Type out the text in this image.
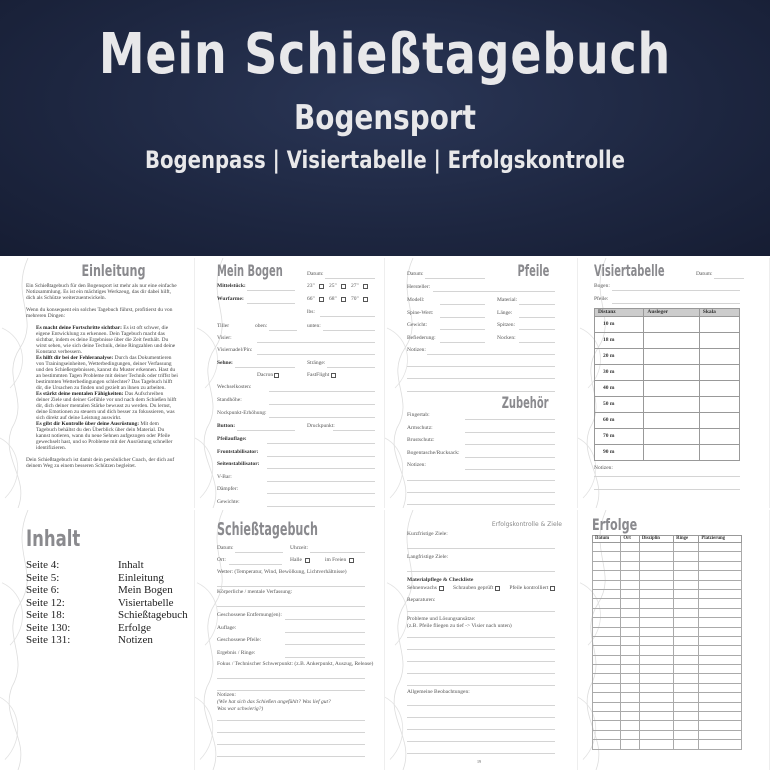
Mein Schießtagebuch
Bogensport
Bogenpass | Visiertabelle | Erfolgskontrolle
Einleitung

Ein Schießtagebuch für den Bogensport ist mehr als nur eine einfache Notizsammlung. Es ist ein mächtiges Werkzeug, das dir dabei hilft, dich als Schütze weiterzuentwickeln.

Wenn du konsequent ein solches Tagebuch führst, profitierst du von mehreren Dingen:

Es macht deine Fortschritte sichtbar: Es ist oft schwer, die eigene Entwicklung zu erkennen. Dein Tagebuch macht das sichtbar, indem es deine Ergebnisse über die Zeit festhält. Du wirst sehen, wie sich deine Technik, deine Ringzahlen und deine Konstanz verbessern.
Es hilft dir bei der Fehleranalyse: Durch das Dokumentieren von Trainingseinheiten, Wetterbedingungen, deiner Verfassung und den Schießergebnissen, kannst du Muster erkennen. Hast du an bestimmten Tagen Probleme mit deiner Technik oder triffst bei bestimmten Wetterbedingungen schlechter? Das Tagebuch hilft dir, die Ursachen zu finden und gezielt an ihnen zu arbeiten.
Es stärkt deine mentalen Fähigkeiten: Das Aufschreiben deiner Ziele und deiner Gefühle vor und nach dem Schießen hilft dir, dich deiner mentalen Stärke bewusst zu werden. Du lernst, deine Emotionen zu steuern und dich besser zu fokussieren, was sich direkt auf deine Leistung auswirkt.
Es gibt dir Kontrolle über deine Ausrüstung: Mit dem Tagebuch behältst du den Überblick über dein Material. Du kannst notieren, wann du neue Sehnen aufgezogen oder Pfeile gewechselt hast, und so Probleme mit der Ausrüstung schneller identifizieren.

Dein Schießtagebuch ist damit dein persönlicher Coach, der dich auf deinem Weg zu einem besseren Schützen begleitet.

Mein Bogen	Datum:
Mittelstück:
Wurfarme:
23"	25"	27"
66"	68"	70"
lbs:
Tiller	oben:	unten:
Visier:
Visiernadel/Pin:
Sehne:	Stränge:
Dacron	FastFlight
Wechselkosten:
Standhöhe:
Nockpunkt-Erhöhung:
Button:	Druckpunkt:
Pfeilauflage:
Frontstabilisator:
Seitenstabilisator:
V-Bar:
Dämpfer:
Gewichte:
Pfeile
Datum:
Hersteller:
Modell:	Material:
Spine-Wert:	Länge:
Gewicht:	Spitzen:
Befiederung:	Nocken:
Notizen:
Zubehör
Fingertab:
Armschutz:
Brustschutz:
Bogentasche/Rucksack:
Notizen:
Visiertabelle	Datum:
Bogen:
Pfeile:
Distanz	Ausleger	Skala
10 m		
18 m		
20 m		
30 m		
40 m		
50 m		
60 m		
70 m		
90 m		
Notizen:
Inhalt
Seite 4:	Inhalt
Seite 5:	Einleitung
Seite 6:	Mein Bogen
Seite 12:	Visiertabelle
Seite 18:	Schießtagebuch
Seite 130:	Erfolge
Seite 131:	Notizen
Schießtagebuch
Datum:	Uhrzeit:
Ort:	Halle	im Freien
Wetter: (Temperatur, Wind, Bewölkung, Lichtverhältnisse)
Körperliche / mentale Verfassung:
Geschossene Entfernung(en):
Auflage:
Geschossene Pfeile:
Ergebnis / Ringe:
Fokus / Technischer Schwerpunkt: (z.B. Ankerpunkt, Auszug, Release)
Notizen:
(Wie hat sich das Schießen angefühlt? Was lief gut?
Was war schwierig?)
Erfolgskontrolle & Ziele
Kurzfristige Ziele:
Langfristige Ziele:
Materialpflege & Checkliste
Sehnenwachs	Schrauben geprüft	Pfeile kontrolliert
Reparaturen:
Probleme und Lösungsansätze:
(z.B. Pfeile fliegen zu tief -> Visier nach unten)
Allgemeine Beobachtungen:
19
Erfolge
Datum	Ort	Disziplin	Ringe	Platzierung
